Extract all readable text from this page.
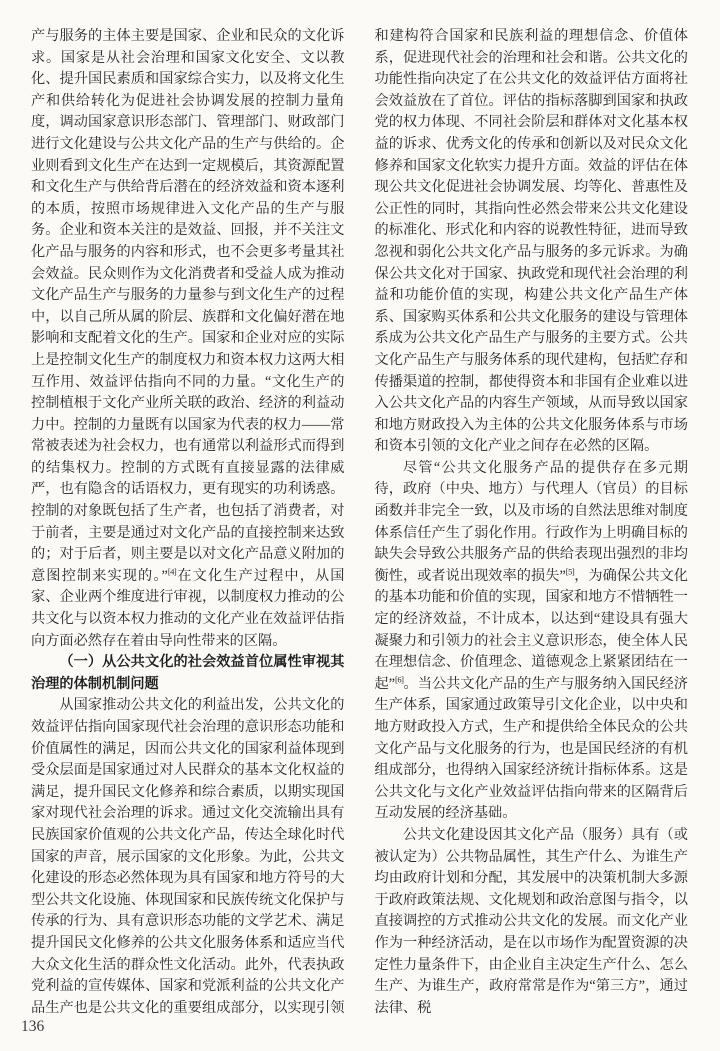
产与服务的主体主要是国家、企业和民众的文化诉求。国家是从社会治理和国家文化安全、文以教化、提升国民素质和国家综合实力，以及将文化生产和供给转化为促进社会协调发展的控制力量角度，调动国家意识形态部门、管理部门、财政部门进行文化建设与公共文化产品的生产与供给的。企业则看到文化生产在达到一定规模后，其资源配置和文化生产与供给背后潜在的经济效益和资本逐利的本质，按照市场规律进入文化产品的生产与服务。企业和资本关注的是效益、回报，并不关注文化产品与服务的内容和形式，也不会更多考量其社会效益。民众则作为文化消费者和受益人成为推动文化产品生产与服务的力量参与到文化生产的过程中，以自己所从属的阶层、族群和文化偏好潜在地影响和支配着文化的生产。国家和企业对应的实际上是控制文化生产的制度权力和资本权力这两大相互作用、效益评估指向不同的力量。“文化生产的控制植根于文化产业所关联的政治、经济的利益动力中。控制的力量既有以国家为代表的权力——常常被表述为社会权力，也有通常以利益形式而得到的结集权力。控制的方式既有直接显露的法律威严，也有隐含的话语权力，更有现实的功利诱惑。控制的对象既包括了生产者，也包括了消费者，对于前者，主要是通过对文化产品的直接控制来达致的；对于后者，则主要是以对文化产品意义附加的意图控制来实现的。”[4]在文化生产过程中，从国家、企业两个维度进行审视，以制度权力推动的公共文化与以资本权力推动的文化产业在效益评估指向方面必然存在着由导向性带来的区隔。

（一）从公共文化的社会效益首位属性审视其治理的体制机制问题

从国家推动公共文化的利益出发，公共文化的效益评估指向国家现代社会治理的意识形态功能和价值属性的满足，因而公共文化的国家利益体现到受众层面是国家通过对人民群众的基本文化权益的满足，提升国民文化修养和综合素质，以期实现国家对现代社会治理的诉求。通过文化交流输出具有民族国家价值观的公共文化产品，传达全球化时代国家的声音，展示国家的文化形象。为此，公共文化建设的形态必然体现为具有国家和地方符号的大型公共文化设施、体现国家和民族传统文化保护与传承的行为、具有意识形态功能的文学艺术、满足提升国民文化修养的公共文化服务体系和适应当代大众文化生活的群众性文化活动。此外，代表执政党利益的宣传媒体、国家和党派利益的公共文化产品生产也是公共文化的重要组成部分，以实现引领和建构符合国家和民族利益的理想信念、价值体系，促进现代社会的治理和社会和谐。公共文化的功能性指向决定了在公共文化的效益评估方面将社会效益放在了首位。评估的指标落脚到国家和执政党的权力体现、不同社会阶层和群体对文化基本权益的诉求、优秀文化的传承和创新以及对民众文化修养和国家文化软实力提升方面。效益的评估在体现公共文化促进社会协调发展、均等化、普惠性及公正性的同时，其指向性必然会带来公共文化建设的标准化、形式化和内容的说教性特征，进而导致忽视和弱化公共文化产品与服务的多元诉求。为确保公共文化对于国家、执政党和现代社会治理的利益和功能价值的实现，构建公共文化产品生产体系、国家购买体系和公共文化服务的建设与管理体系成为公共文化产品生产与服务的主要方式。公共文化产品生产与服务体系的现代建构，包括贮存和传播渠道的控制，都使得资本和非国有企业难以进入公共文化产品的内容生产领域，从而导致以国家和地方财政投入为主体的公共文化服务体系与市场和资本引领的文化产业之间存在必然的区隔。

尽管“公共文化服务产品的提供存在多元期待，政府（中央、地方）与代理人（官员）的目标函数并非完全一致，以及市场的自然法思维对制度体系信任产生了弱化作用。行政作为上明确目标的缺失会导致公共服务产品的供给表现出强烈的非均衡性，或者说出现效率的损失”[5]，为确保公共文化的基本功能和价值的实现，国家和地方不惜牺牲一定的经济效益，不计成本，以达到“建设具有强大凝聚力和引领力的社会主义意识形态，使全体人民在理想信念、价值理念、道德观念上紧紧团结在一起”[6]。当公共文化产品的生产与服务纳入国民经济生产体系，国家通过政策导引文化企业，以中央和地方财政投入方式，生产和提供给全体民众的公共文化产品与文化服务的行为，也是国民经济的有机组成部分，也得纳入国家经济统计指标体系。这是公共文化与文化产业效益评估指向带来的区隔背后互动发展的经济基础。

公共文化建设因其文化产品（服务）具有（或被认定为）公共物品属性，其生产什么、为谁生产均由政府计划和分配，其发展中的决策机制大多源于政府政策法规、文化规划和政治意图与指令，以直接调控的方式推动公共文化的发展。而文化产业作为一种经济活动，是在以市场作为配置资源的决定性力量条件下，由企业自主决定生产什么、怎么生产、为谁生产，政府常常是作为“第三方”，通过法律、税

136
